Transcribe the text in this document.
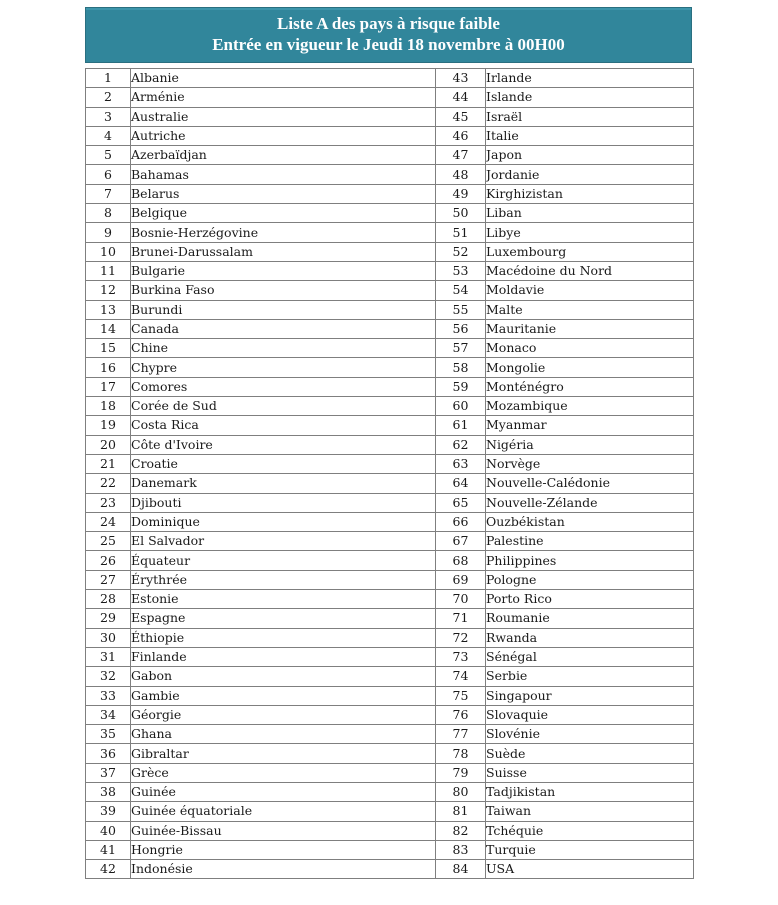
Liste A des pays à risque faible
Entrée en vigueur le Jeudi 18 novembre à 00H00
1	Albanie	43	Irlande
2	Arménie	44	Islande
3	Australie	45	Israël
4	Autriche	46	Italie
5	Azerbaïdjan	47	Japon
6	Bahamas	48	Jordanie
7	Belarus	49	Kirghizistan
8	Belgique	50	Liban
9	Bosnie-Herzégovine	51	Libye
10	Brunei-Darussalam	52	Luxembourg
11	Bulgarie	53	Macédoine du Nord
12	Burkina Faso	54	Moldavie
13	Burundi	55	Malte
14	Canada	56	Mauritanie
15	Chine	57	Monaco
16	Chypre	58	Mongolie
17	Comores	59	Monténégro
18	Corée de Sud	60	Mozambique
19	Costa Rica	61	Myanmar
20	Côte d'Ivoire	62	Nigéria
21	Croatie	63	Norvège
22	Danemark	64	Nouvelle-Calédonie
23	Djibouti	65	Nouvelle-Zélande
24	Dominique	66	Ouzbékistan
25	El Salvador	67	Palestine
26	Équateur	68	Philippines
27	Érythrée	69	Pologne
28	Estonie	70	Porto Rico
29	Espagne	71	Roumanie
30	Éthiopie	72	Rwanda
31	Finlande	73	Sénégal
32	Gabon	74	Serbie
33	Gambie	75	Singapour
34	Géorgie	76	Slovaquie
35	Ghana	77	Slovénie
36	Gibraltar	78	Suède
37	Grèce	79	Suisse
38	Guinée	80	Tadjikistan
39	Guinée équatoriale	81	Taiwan
40	Guinée-Bissau	82	Tchéquie
41	Hongrie	83	Turquie
42	Indonésie	84	USA
